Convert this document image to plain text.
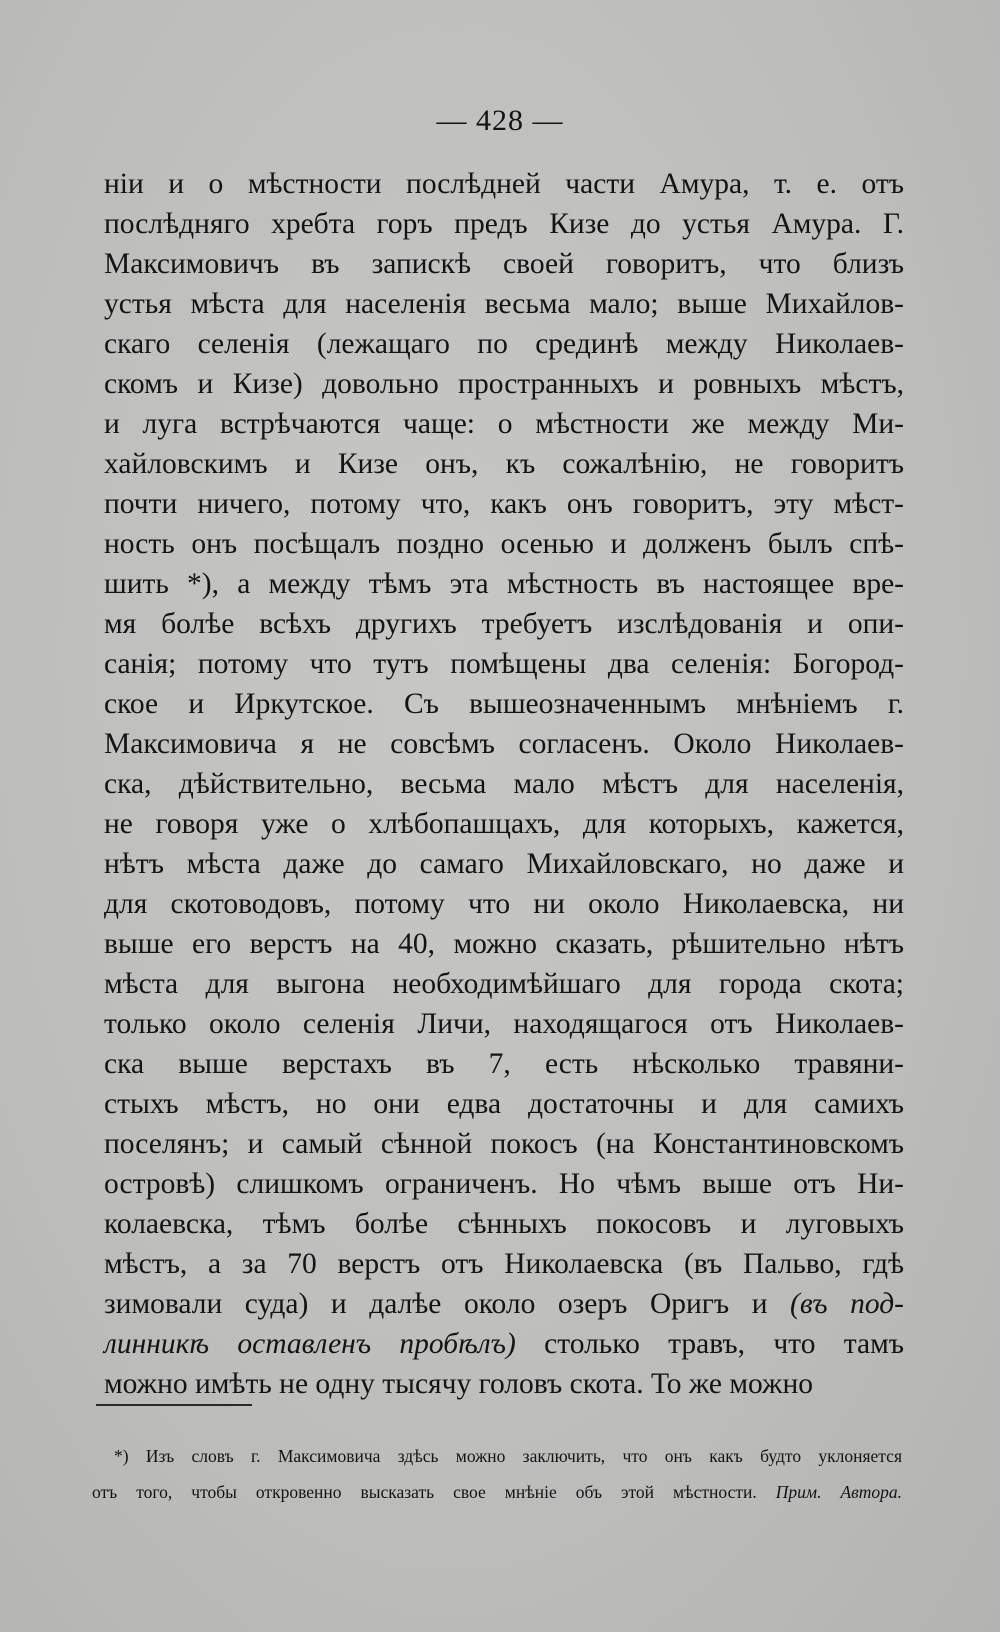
— 428 —
ніи и о мѣстности послѣдней части Амура, т. е. отъ
послѣдняго хребта горъ предъ Кизе до устья Амура. Г.
Максимовичъ въ запискѣ своей говоритъ, что близъ
устья мѣста для населенія весьма мало; выше Михайлов-
скаго селенія (лежащаго по срединѣ между Николаев-
скомъ и Кизе) довольно пространныхъ и ровныхъ мѣстъ,
и луга встрѣчаются чаще: о мѣстности же между Ми-
хайловскимъ и Кизе онъ, къ сожалѣнію, не говоритъ
почти ничего, потому что, какъ онъ говоритъ, эту мѣст-
ность онъ посѣщалъ поздно осенью и долженъ былъ спѣ-
шить *), а между тѣмъ эта мѣстность въ настоящее вре-
мя болѣе всѣхъ другихъ требуетъ изслѣдованія и опи-
санія; потому что тутъ помѣщены два селенія: Богород-
ское и Иркутское. Съ вышеозначеннымъ мнѣніемъ г.
Максимовича я не совсѣмъ согласенъ. Около Николаев-
ска, дѣйствительно, весьма мало мѣстъ для населенія,
не говоря уже о хлѣбопашцахъ, для которыхъ, кажется,
нѣтъ мѣста даже до самаго Михайловскаго, но даже и
для скотоводовъ, потому что ни около Николаевска, ни
выше его верстъ на 40, можно сказать, рѣшительно нѣтъ
мѣста для выгона необходимѣйшаго для города скота;
только около селенія Личи, находящагося отъ Николаев-
ска выше верстахъ въ 7, есть нѣсколько травяни-
стыхъ мѣстъ, но они едва достаточны и для самихъ
поселянъ; и самый сѣнной покосъ (на Константиновскомъ
островѣ) слишкомъ ограниченъ. Но чѣмъ выше отъ Ни-
колаевска, тѣмъ болѣе сѣнныхъ покосовъ и луговыхъ
мѣстъ, а за 70 верстъ отъ Николаевска (въ Пальво, гдѣ
зимовали суда) и далѣе около озеръ Оригъ и (въ под-
линникѣ оставленъ пробѣлъ) столько травъ, что тамъ
можно имѣть не одну тысячу головъ скота. То же можно
*) Изъ словъ г. Максимовича здѣсь можно заключить, что онъ какъ будто уклоняется
отъ того, чтобы откровенно высказать свое мнѣніе объ этой мѣстности. Прим. Автора.
